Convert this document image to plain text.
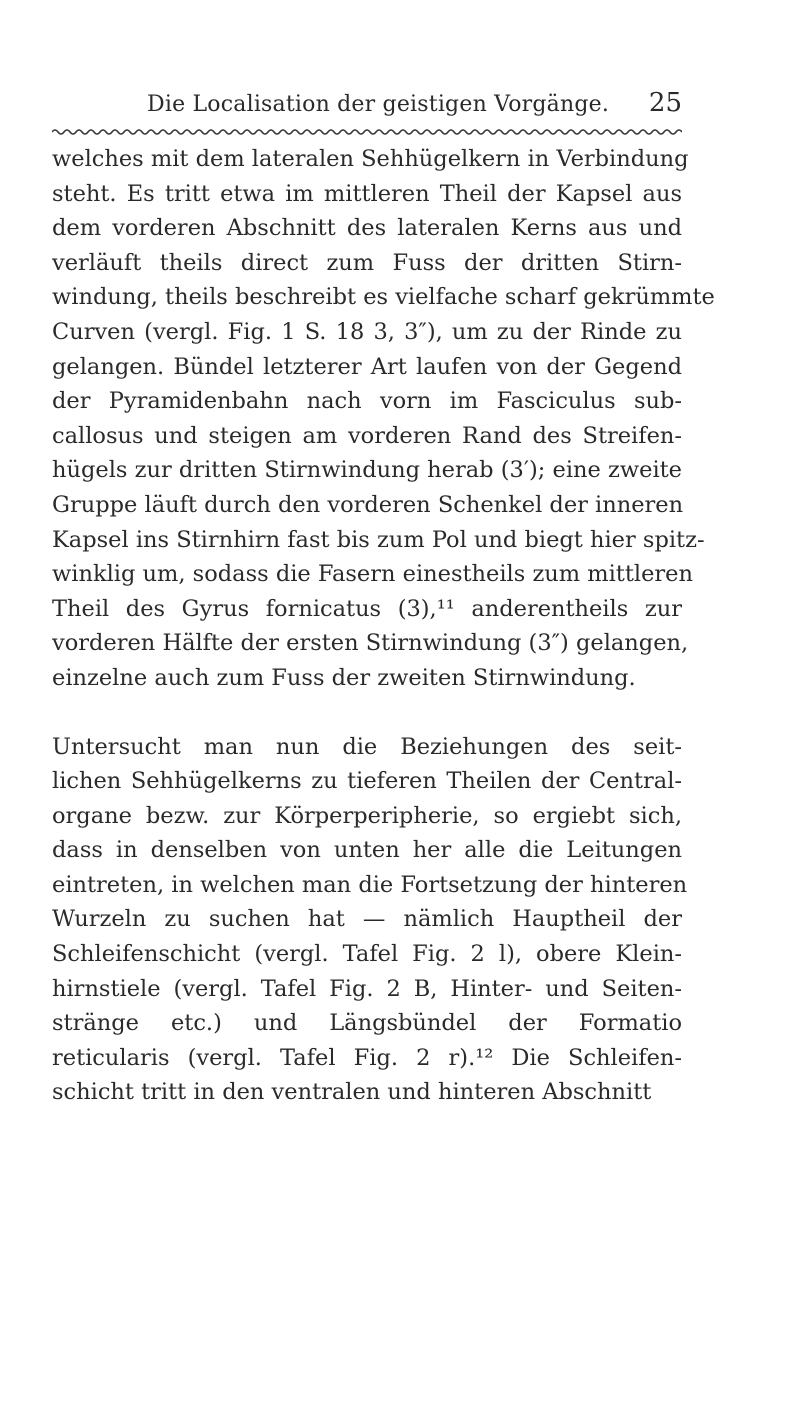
Die Localisation der geistigen Vorgänge. 25

welches mit dem lateralen Sehhügelkern in Verbindung
steht. Es tritt etwa im mittleren Theil der Kapsel aus
dem vorderen Abschnitt des lateralen Kerns aus und
verläuft theils direct zum Fuss der dritten Stirn-
windung, theils beschreibt es vielfache scharf gekrümmte
Curven (vergl. Fig. 1 S. 18 3, 3″), um zu der Rinde zu
gelangen. Bündel letzterer Art laufen von der Gegend
der Pyramidenbahn nach vorn im Fasciculus sub-
callosus und steigen am vorderen Rand des Streifen-
hügels zur dritten Stirnwindung herab (3′); eine zweite
Gruppe läuft durch den vorderen Schenkel der inneren
Kapsel ins Stirnhirn fast bis zum Pol und biegt hier spitz-
winklig um, sodass die Fasern einestheils zum mittleren
Theil des Gyrus fornicatus (3),¹¹ anderentheils zur
vorderen Hälfte der ersten Stirnwindung (3″) gelangen,
einzelne auch zum Fuss der zweiten Stirnwindung.

Untersucht man nun die Beziehungen des seit-
lichen Sehhügelkerns zu tieferen Theilen der Central-
organe bezw. zur Körperperipherie, so ergiebt sich,
dass in denselben von unten her alle die Leitungen
eintreten, in welchen man die Fortsetzung der hinteren
Wurzeln zu suchen hat — nämlich Hauptheil der
Schleifenschicht (vergl. Tafel Fig. 2 l), obere Klein-
hirnstiele (vergl. Tafel Fig. 2 B, Hinter- und Seiten-
stränge etc.) und Längsbündel der Formatio
reticularis (vergl. Tafel Fig. 2 r).¹² Die Schleifen-
schicht tritt in den ventralen und hinteren Abschnitt
